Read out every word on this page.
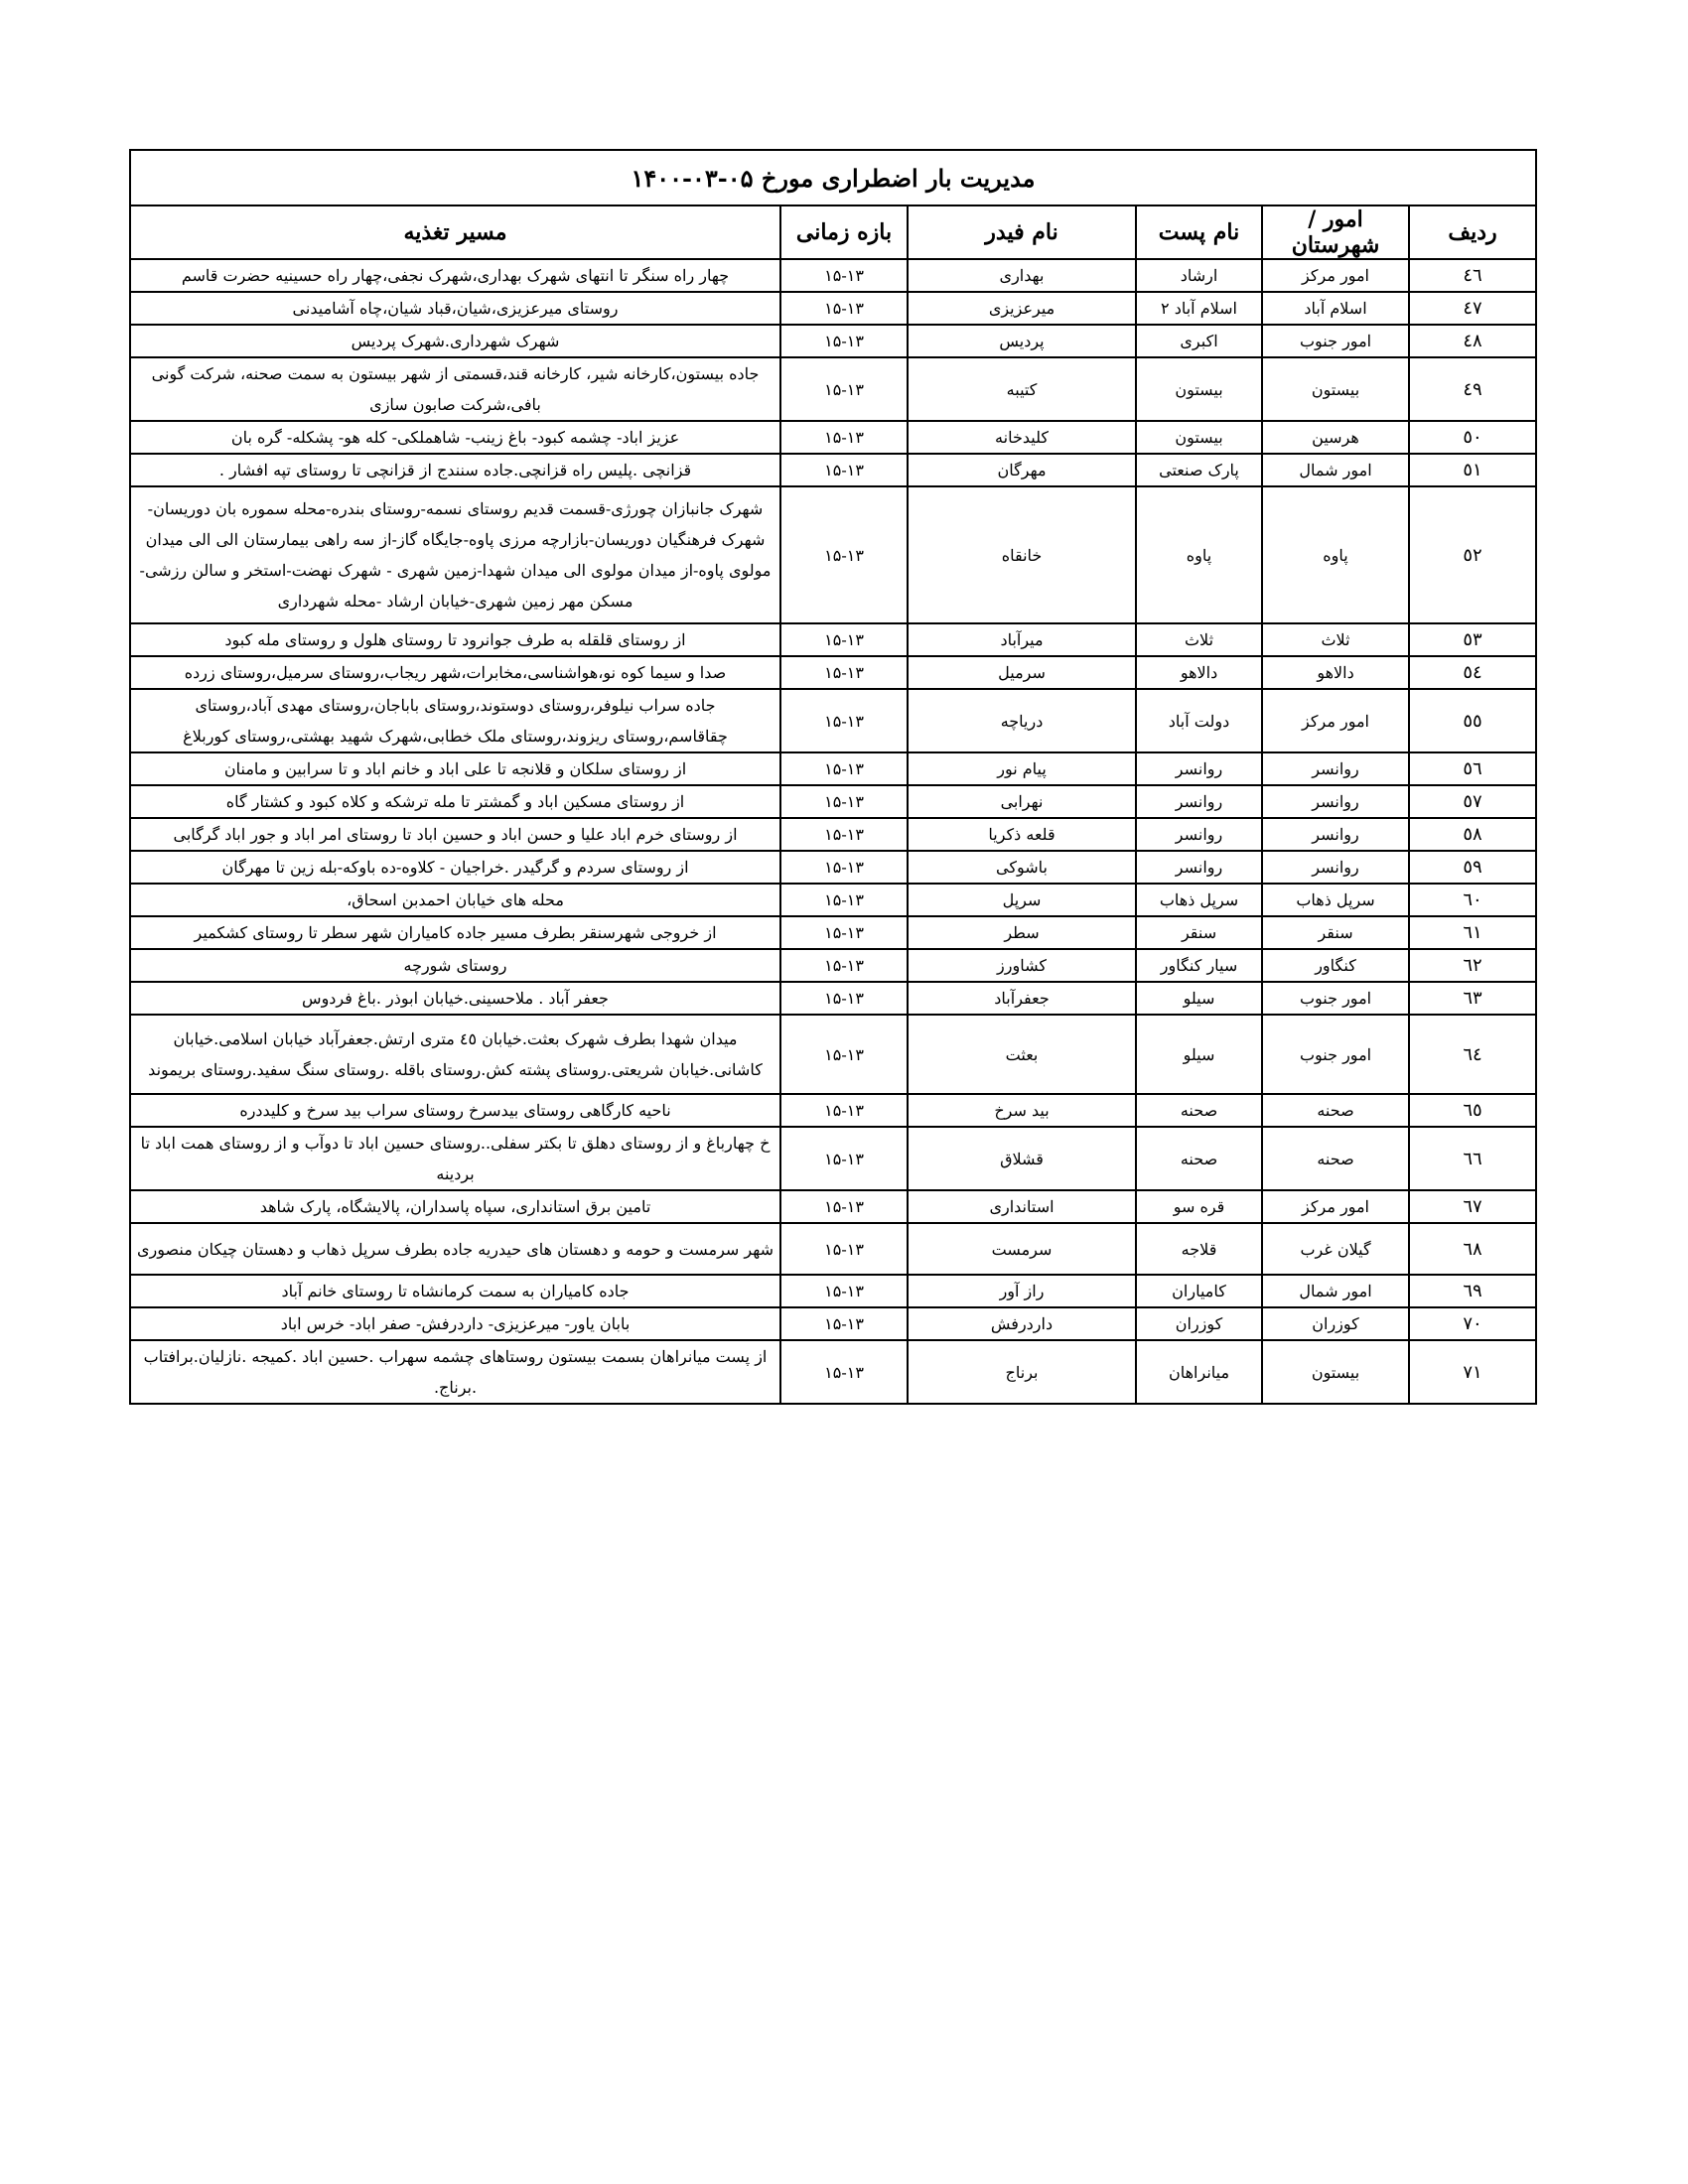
مدیریت بار اضطراری مورخ ۰۵-۰۳-۱۴۰۰					
ردیف	امور / شهرستان	نام پست	نام فیدر	بازه زمانی	مسیر تغذیه
٤٦	امور مرکز	ارشاد	بهداری	۱۵-۱۳	چهار راه سنگر تا انتهای شهرک بهداری،شهرک نجفی،چهار راه حسینیه حضرت قاسم
٤٧	اسلام آباد	اسلام آباد ۲	میرعزیزی	۱۵-۱۳	روستای میرعزیزی،شیان،قباد شیان،چاه آشامیدنی
٤٨	امور جنوب	اکبری	پردیس	۱۵-۱۳	شهرک شهرداری.شهرک پردیس
٤٩	بیستون	بیستون	کتیبه	۱۵-۱۳	جاده بیستون،کارخانه شیر، کارخانه قند،قسمتی از شهر بیستون به سمت صحنه، شرکت گونی بافی،شرکت صابون سازی
٥٠	هرسین	بیستون	کلیدخانه	۱۵-۱۳	عزیز اباد- چشمه کبود- باغ زینب- شاهملکی- کله هو- پشکله- گره بان
٥١	امور شمال	پارک صنعتی	مهرگان	۱۵-۱۳	قزانچی .پلیس راه قزانچی.جاده سنندج از قزانچی تا روستای تپه افشار .
٥٢	پاوه	پاوه	خانقاه	۱۵-۱۳	شهرک جانبازان چورژی-قسمت قدیم روستای نسمه-روستای بندره-محله سموره بان دوریسان-شهرک فرهنگیان دوریسان-بازارچه مرزی پاوه-جایگاه گاز-از سه راهی بیمارستان الی الی میدان مولوی پاوه-از میدان مولوی الی میدان شهدا-زمین شهری - شهرک نهضت-استخر و سالن رزشی-مسکن مهر زمین شهری-خیابان ارشاد -محله شهرداری
٥٣	ثلاث	ثلاث	میرآباد	۱۵-۱۳	از روستای قلقله به طرف جوانرود تا روستای هلول و روستای مله کبود
٥٤	دالاهو	دالاهو	سرمیل	۱۵-۱۳	صدا و سیما کوه نو،هواشناسی،مخابرات،شهر ریجاب،روستای سرمیل،روستای زرده
٥٥	امور مرکز	دولت آباد	دریاچه	۱۵-۱۳	جاده سراب نیلوفر،روستای دوستوند،روستای باباجان،روستای مهدی آباد،روستای چقاقاسم،روستای ریزوند،روستای ملک خطابی،شهرک شهید بهشتی،روستای کوربلاغ
٥٦	روانسر	روانسر	پیام نور	۱۵-۱۳	از روستای سلکان و قلانجه تا علی اباد و خانم اباد و تا سرابین و مامنان
٥٧	روانسر	روانسر	نهرابی	۱۵-۱۳	از روستای مسکین اباد و گمشتر تا مله ترشکه و کلاه کبود و کشتار گاه
٥٨	روانسر	روانسر	قلعه ذکریا	۱۵-۱۳	از روستای خرم اباد علیا و حسن اباد و حسین اباد تا روستای امر اباد و جور اباد گرگابی
٥٩	روانسر	روانسر	باشوکی	۱۵-۱۳	از روستای سردم و گرگیدر .خراجیان - کلاوه-ده باوکه-بله زین تا مهرگان
٦٠	سرپل ذهاب	سرپل ذهاب	سرپل	۱۵-۱۳	محله های خیابان احمدبن اسحاق،
٦١	سنقر	سنقر	سطر	۱۵-۱۳	از خروجی شهرسنقر بطرف مسیر جاده کامیاران شهر سطر تا روستای کشکمیر
٦٢	کنگاور	سیار کنگاور	کشاورز	۱۵-۱۳	روستای شورچه
٦٣	امور جنوب	سیلو	جعفرآباد	۱۵-۱۳	جعفر آباد . ملاحسینی.خیابان ابوذر .باغ فردوس
٦٤	امور جنوب	سیلو	بعثت	۱۵-۱۳	میدان شهدا بطرف شهرک بعثت.خیابان ٤٥ متری ارتش.جعفرآباد خیابان اسلامی.خیابان کاشانی.خیابان شریعتی.روستای پشته کش.روستای باقله .روستای سنگ سفید.روستای بریموند
٦٥	صحنه	صحنه	بید سرخ	۱۵-۱۳	ناحیه کارگاهی روستای بیدسرخ روستای سراب بید سرخ و کلیددره
٦٦	صحنه	صحنه	قشلاق	۱۵-۱۳	خ چهارباغ و از روستای دهلق تا بکتر سفلی..روستای حسین اباد تا دوآب و از روستای همت اباد تا بردینه
٦٧	امور مرکز	قره سو	استانداری	۱۵-۱۳	تامین برق استانداری، سپاه پاسداران، پالایشگاه، پارک شاهد
٦٨	گیلان غرب	قلاجه	سرمست	۱۵-۱۳	شهر سرمست و حومه و دهستان های حیدریه جاده بطرف سرپل ذهاب و دهستان چیکان منصوری
٦٩	امور شمال	کامیاران	راز آور	۱۵-۱۳	جاده کامیاران به سمت کرمانشاه تا روستای خانم آباد
٧٠	کوزران	کوزران	داردرفش	۱۵-۱۳	بابان یاور- میرعزیزی- داردرفش- صفر اباد- خرس اباد
٧١	بیستون	میانراهان	برناج	۱۵-۱۳	از پست میانراهان بسمت بیستون روستاهای چشمه سهراب .حسین اباد .کمیجه .نازلیان.برافتاب .برناج.
